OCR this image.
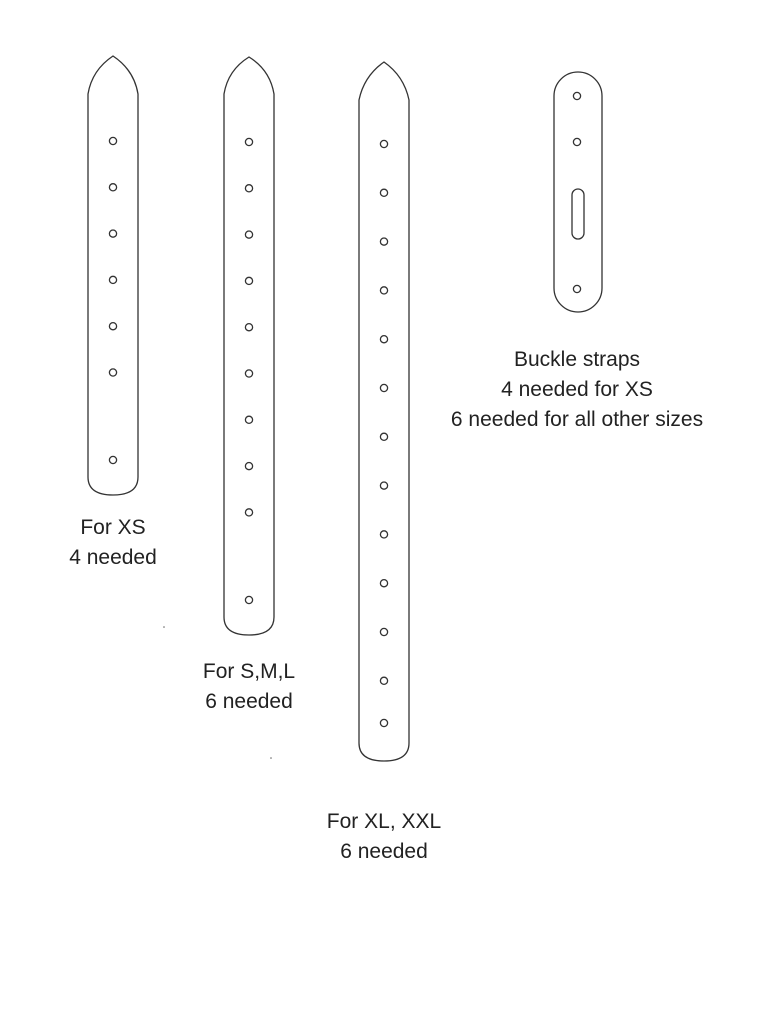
For XS
4 needed
For S,M,L
6 needed
For XL, XXL
6 needed
Buckle straps
4 needed for XS
6 needed for all other sizes
